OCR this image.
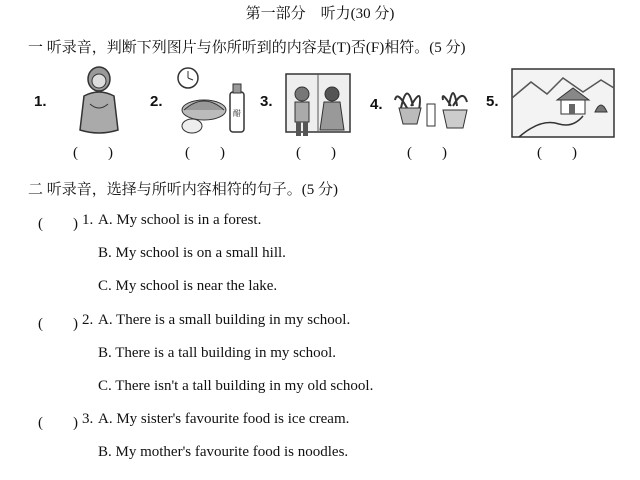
第一部分　听力(30 分)
一 听录音，判断下列图片与你所听到的内容是(T)否(F)相符。(5 分)
1.
(　　)
2.
醋
(　　)
3.
(　　)
4.
(　　)
5.
(　　)
二 听录音，选择与所听内容相符的句子。(5 分)
(　　) 1. A. My school is in a forest.
B. My school is on a small hill.
C. My school is near the lake.
(　　) 2. A. There is a small building in my school.
B. There is a tall building in my school.
C. There isn't a tall building in my old school.
(　　) 3. A. My sister's favourite food is ice cream.
B. My mother's favourite food is noodles.
